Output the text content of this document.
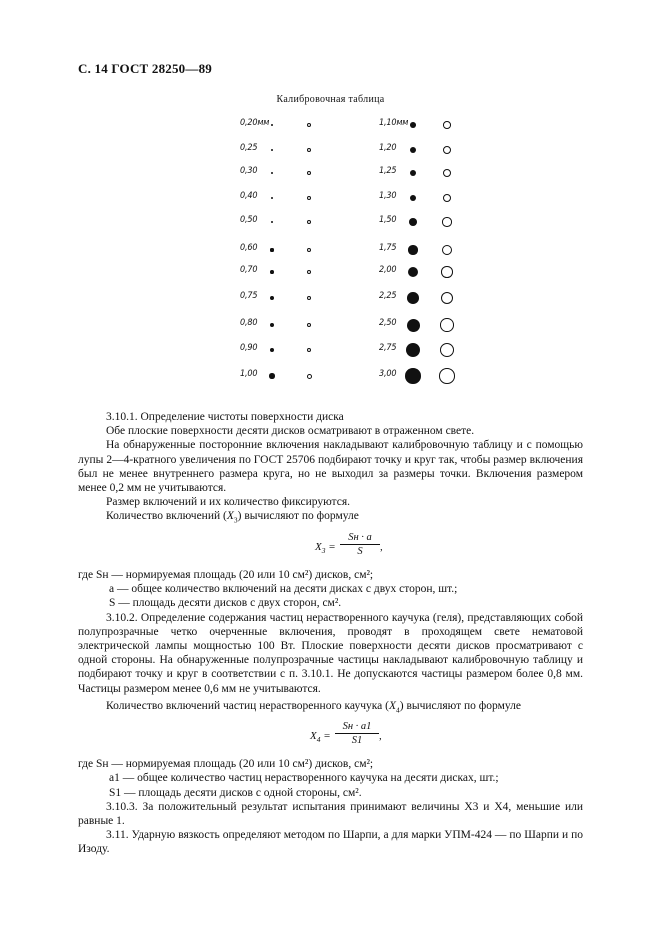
С. 14 ГОСТ 28250—89
Калибровочная таблица
0,20мм
0,25
0,30
0,40
0,50
0,60
0,70
0,75
0,80
0,90
1,00
1,10мм
1,20
1,25
1,30
1,50
1,75
2,00
2,25
2,50
2,75
3,00

3.10.1. Определение чистоты поверхности диска

Обе плоские поверхности десяти дисков осматривают в отраженном свете.

На обнаруженные посторонние включения накладывают калибровочную таблицу и с помощью лупы 2—4-кратного увеличения по ГОСТ 25706 подбирают точку и круг так, чтобы размер включения был не менее внутреннего размера круга, но не выходил за размеры точки. Включения размером менее 0,2 мм не учитываются.

Размер включений и их количество фиксируются.

Количество включений $(X_3)$ вычисляют по формуле

$X_3$ =
Sн · a
S	,

где Sн — нормируемая площадь (20 или 10 см²) дисков, см²;

a — общее количество включений на десяти дисках с двух сторон, шт.;

S — площадь десяти дисков с двух сторон, см².

3.10.2. Определение содержания частиц нерастворенного каучука (геля), представляющих собой полупрозрачные четко очерченные включения, проводят в проходящем свете нематовой электрической лампы мощностью 100 Вт. Плоские поверхности десяти дисков просматривают с одной стороны. На обнаруженные полупрозрачные частицы накладывают калибровочную таблицу и подбирают точку и круг в соответствии с п. 3.10.1. Не допускаются частицы размером более 0,8 мм. Частицы размером менее 0,6 мм не учитываются.

Количество включений частиц нерастворенного каучука $(X_4)$ вычисляют по формуле

$X_4$ =
Sн · a1
S1	,

где Sн — нормируемая площадь (20 или 10 см²) дисков, см²;

a1 — общее количество частиц нерастворенного каучука на десяти дисках, шт.;

S1 — площадь десяти дисков с одной стороны, см².

3.10.3. За положительный результат испытания принимают величины X3 и X4, меньшие или равные 1.

3.11. Ударную вязкость определяют методом по Шарпи, а для марки УПМ-424 — по Шарпи и по Изоду.
